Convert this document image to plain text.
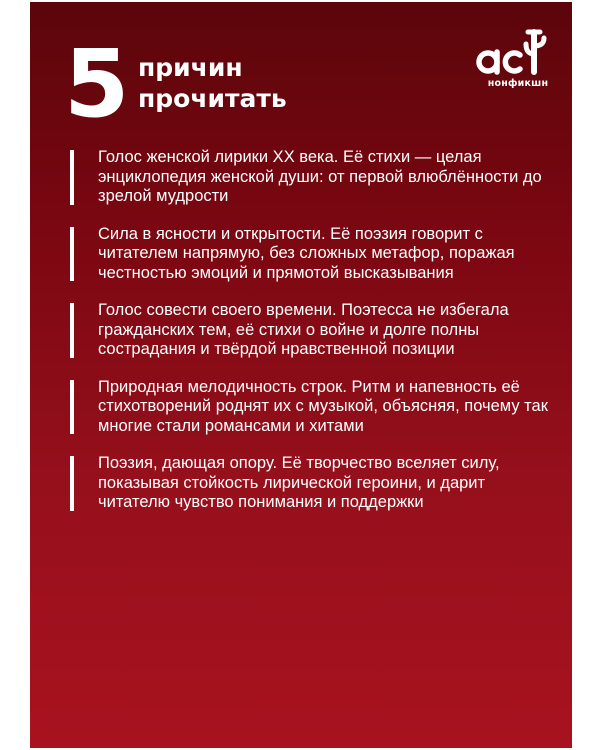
5 причин
прочитать
нонфикшн
Голос женской лирики XX века. Её стихи — целая энциклопедия женской души: от первой влюблённости до зрелой мудрости
Сила в ясности и открытости. Её поэзия говорит с читателем напрямую, без сложных метафор, поражая честностью эмоций и прямотой высказывания
Голос совести своего времени. Поэтесса не избегала гражданских тем, её стихи о войне и долге полны сострадания и твёрдой нравственной позиции
Природная мелодичность строк. Ритм и напевность её стихотворений роднят их с музыкой, объясняя, почему так многие стали романсами и хитами
Поэзия, дающая опору. Её творчество вселяет силу, показывая стойкость лирической героини, и дарит читателю чувство понимания и поддержки
